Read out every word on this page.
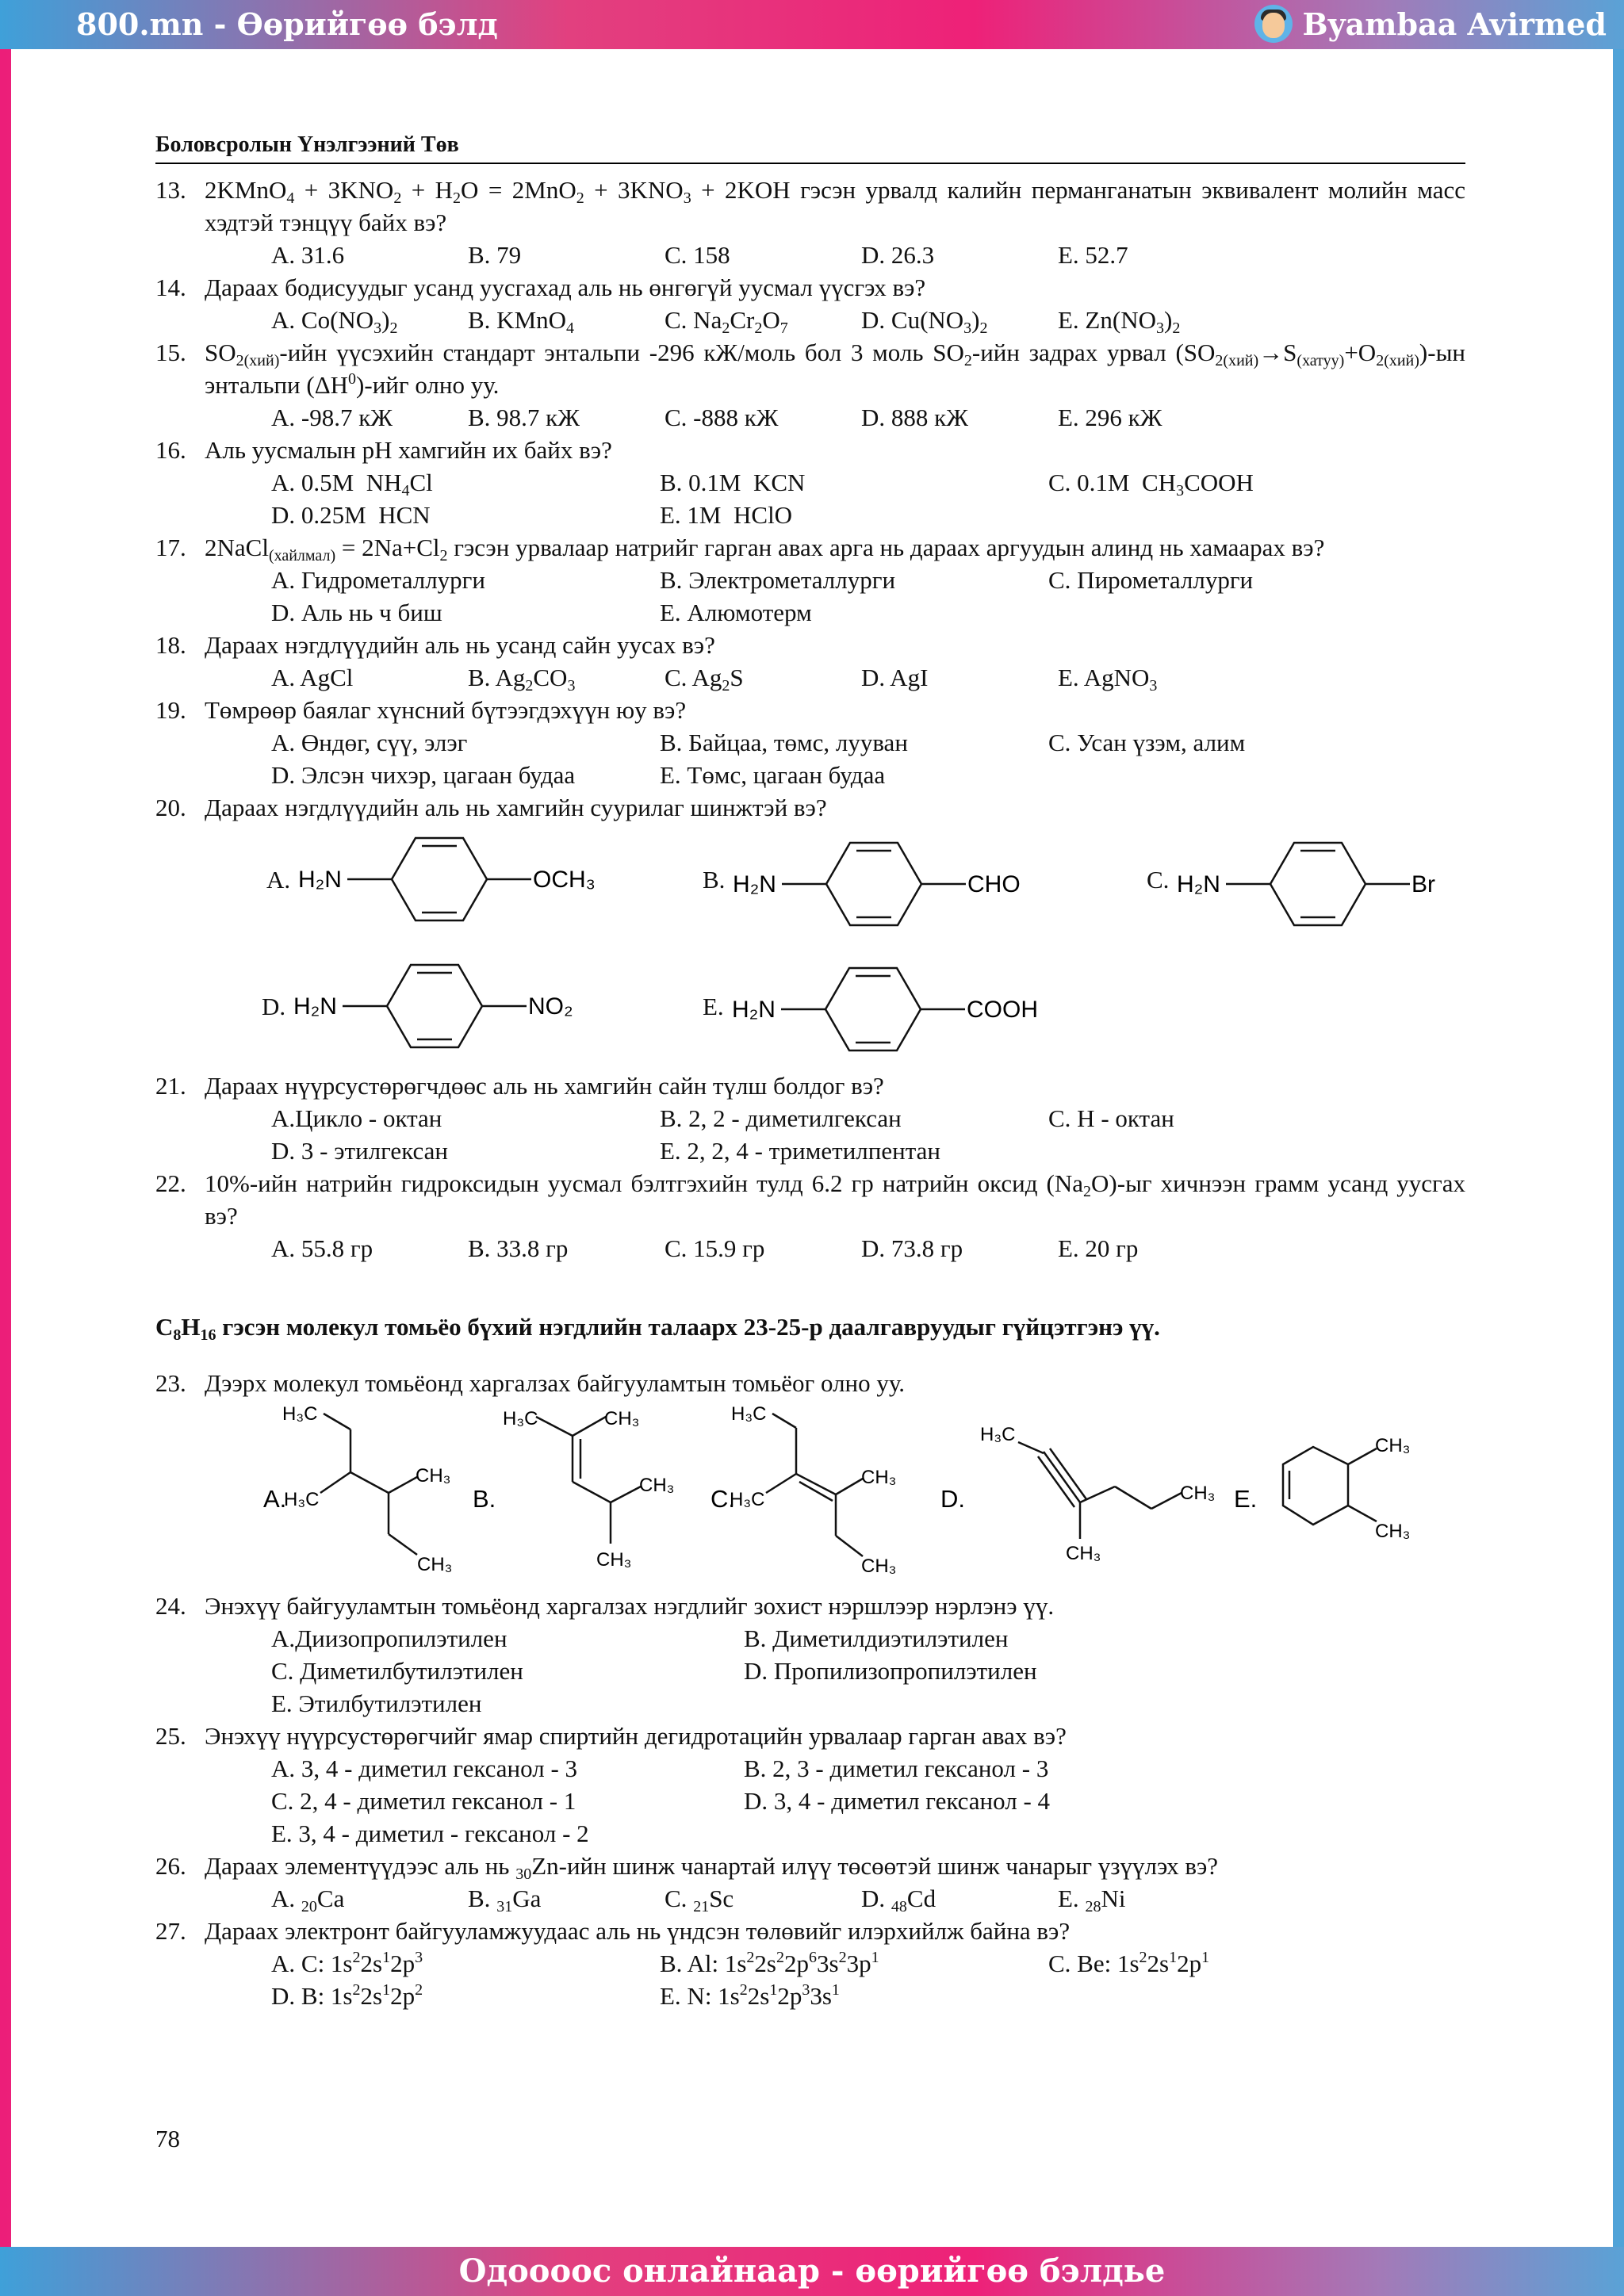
800.mn - Өөрийгөө бэлд	Byambaa Avirmed
Боловсролын Үнэлгээний Төв
13. 2KMnO$_4$ + $3KNO_2 + H_2O = 2MnO_2 + 3KNO_3 + 2KOH$ гэсэн урвалд калийн перманганатын эквивалент молийн масс хэдтэй тэнцүү байх вэ?
A. 31.6	B. 79	C. 158	D. 26.3	E. 52.7
14. Дараах бодисуудыг усанд уусгахад аль нь өнгөгүй уусмал үүсгэх вэ?
A. $Co(NO_3)_2$	B. KMnO$_4$	C. $Na_2Cr_2O_7$	D. $Cu(NO_3)_2$	E. $Zn(NO_3)_2$
15. $SO_{2(хий)}$-ийн үүсэхийн стандарт энтальпи -296 кЖ/моль бол 3 моль $SO_2$-ийн задрах урвал $(SO_{2(хий)}\to S_{(хатуу)}+O_{2(хий)})-ын$ энтальпи $(\Delta H^0)$-ийг олно уу.
A. -98.7 кЖ	B. 98.7 кЖ	C. -888 кЖ	D. 888 кЖ	E. 296 кЖ
16. Аль уусмалын pH хамгийн их байх вэ?
A. 0.5M  $NH_4Cl$	B. 0.1M  KCN	C. 0.1M  $CH_3COOH$
D. 0.25M  HCN	E. 1M  HClO
17. 2NaCl$_{(хайлмал)}$ = $2Na+Cl_2$ гэсэн урвалаар натрийг гарган авах арга нь дараах аргуудын алинд нь хамаарах вэ?
A. Гидрометаллурги	B. Электрометаллурги	C. Пирометаллурги
D. Аль нь ч биш	E. Алюмотерм
18. Дараах нэгдлүүдийн аль нь усанд сайн уусах вэ?
A. AgCl	B. $Ag_2CO_3$	C. $Ag_2S$	D. AgI	E. AgNO$_3$
19. Төмрөөр баялаг хүнсний бүтээгдэхүүн юу вэ?
A. Өндөг, сүү, элэг	B. Байцаа, төмс, лууван	C. Усан үзэм, алим
D. Элсэн чихэр, цагаан будаа	E. Төмс, цагаан будаа
20. Дараах нэгдлүүдийн аль нь хамгийн суурилаг шинжтэй вэ?
A. H₂N	OCH₃	B. H₂N	CHO	C. H₂N	Br
D. H₂N	NO₂	E. H₂N	COOH
21. Дараах нүүрсустөрөгчдөөс аль нь хамгийн сайн түлш болдог вэ?
A.Цикло - октан	B. 2, 2 - диметилгексан	C. Н - октан
D. 3 - этилгексан	E. 2, 2, 4 - триметилпентан
22. 10%-ийн натрийн гидроксидын уусмал бэлтгэхийн тулд 6.2 гр натрийн оксид $(Na_2O)-ыг$ хичнээн грамм усанд уусгах вэ?
A. 55.8 гр	B. 33.8 гр	C. 15.9 гр	D. 73.8 гр	E. 20 гр
$C_8H_{16}$ гэсэн молекул томьёо бүхий нэгдлийн талаарх 23-25-р даалгавруудыг гүйцэтгэнэ үү.
23. Дээрх молекул томьёонд харгалзах байгууламтын томьёог олно уу.
A.	B.	C.	D.	E.
H₃C
H₃C
CH₃
CH₃
H₃C	CH₃
CH₃
CH₃
H₃C
H₃C
CH₃
CH₃
H₃C
CH₃
CH₃
CH₃
CH₃
24. Энэхүү байгууламтын томьёонд харгалзах нэгдлийг зохист нэршлээр нэрлэнэ үү.
A.Диизопропилэтилен	B. Диметилдиэтилэтилен
C. Диметилбутилэтилен	D. Пропилизопропилэтилен
E. Этилбутилэтилен
25. Энэхүү нүүрсустөрөгчийг ямар спиртийн дегидротацийн урвалаар гарган авах вэ?
A. 3, 4 - диметил гексанол - 3	B. 2, 3 - диметил гексанол - 3
C. 2, 4 - диметил гексанол - 1	D. 3, 4 - диметил гексанол - 4
E. 3, 4 - диметил - гексанол - 2
26. Дараах элементүүдээс аль нь $_{30}$Zn-ийн шинж чанартай илүү төсөөтэй шинж чанарыг үзүүлэх вэ?
A. $_{20}$Ca	B. $_{31}$Ga	C. $_{21}$Sc	D. $_{48}$Cd	E. $_{28}$Ni
27. Дараах электронт байгууламжуудаас аль нь үндсэн төлөвийг илэрхийлж байна вэ?
A. C: $1s^22s^12p^3$	B. Al: $1s^22s^22p^63s^23p^1$	C. Be: $1s^22s^12p^1$
D. B: $1s^22s^12p^2$	E. N: $1s^22s^12p^33s^1$
78
Одоооос онлайнаар - өөрийгөө бэлдье
